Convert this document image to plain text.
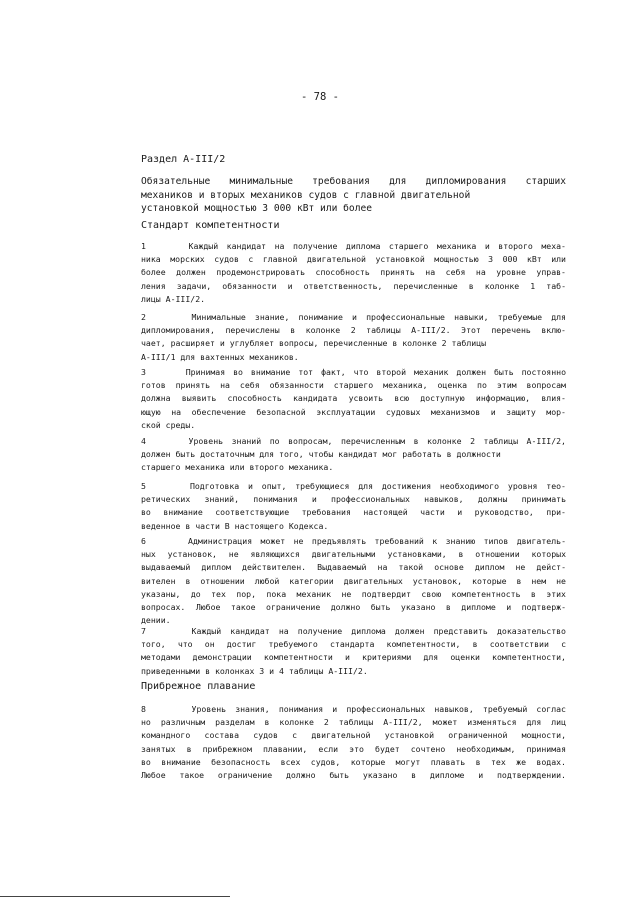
- 78 -
Раздел A-III/2
Обязательные минимальные требования для дипломирования старших
механиков и вторых механиков судов с главной двигательной
установкой мощностью 3 000 кВт или более
Стандарт компетентности
1     Каждый кандидат на получение диплома старшего механика и второго меха-
ника морских судов с главной двигательной установкой мощностью 3 000 кВт или
более должен продемонстрировать способность принять на себя на уровне управ-
ления задачи, обязанности и ответственность, перечисленные в колонке 1 таб-
лицы A-III/2.
2     Минимальные знание, понимание и профессиональные навыки, требуемые для
дипломирования, перечислены в колонке 2 таблицы A-III/2. Этот перечень вклю-
чает, расширяет и углубляет вопросы, перечисленные в колонке 2 таблицы
A-III/1 для вахтенных механиков.
3     Принимая во внимание тот факт, что второй механик должен быть постоянно
готов принять на себя обязанности старшего механика, оценка по этим вопросам
должна выявить способность кандидата усвоить всю доступную информацию, влия-
ющую на обеспечение безопасной эксплуатации судовых механизмов и защиту мор-
ской среды.
4     Уровень знаний по вопросам, перечисленным в колонке 2 таблицы A-III/2,
должен быть достаточным для того, чтобы кандидат мог работать в должности
старшего механика или второго механика.
5     Подготовка и опыт, требующиеся для достижения необходимого уровня тео-
ретических знаний, понимания и профессиональных навыков, должны принимать
во внимание соответствующие требования настоящей части и руководство, при-
веденное в части B настоящего Кодекса.
6     Администрация может не предъявлять требований к знанию типов двигатель-
ных установок, не являющихся двигательными установками, в отношении которых
выдаваемый диплом действителен. Выдаваемый на такой основе диплом не дейст-
вителен в отношении любой категории двигательных установок, которые в нем не
указаны, до тех пор, пока механик не подтвердит свою компетентность в этих
вопросах. Любое такое ограничение должно быть указано в дипломе и подтверж-
дении.
7     Каждый кандидат на получение диплома должен представить доказательство
того, что он достиг требуемого стандарта компетентности, в соответствии с
методами демонстрации компетентности и критериями для оценки компетентности,
приведенными в колонках 3 и 4 таблицы A-III/2.
Прибрежное плавание
8     Уровень знания, понимания и профессиональных навыков, требуемый соглас
но различным разделам в колонке 2 таблицы A-III/2, может изменяться для лиц
командного состава судов с двигательной установкой ограниченной мощности,
занятых в прибрежном плавании, если это будет сочтено необходимым, принимая
во внимание безопасность всех судов, которые могут плавать в тех же водах.
Любое такое ограничение должно быть указано в дипломе и подтверждении.
